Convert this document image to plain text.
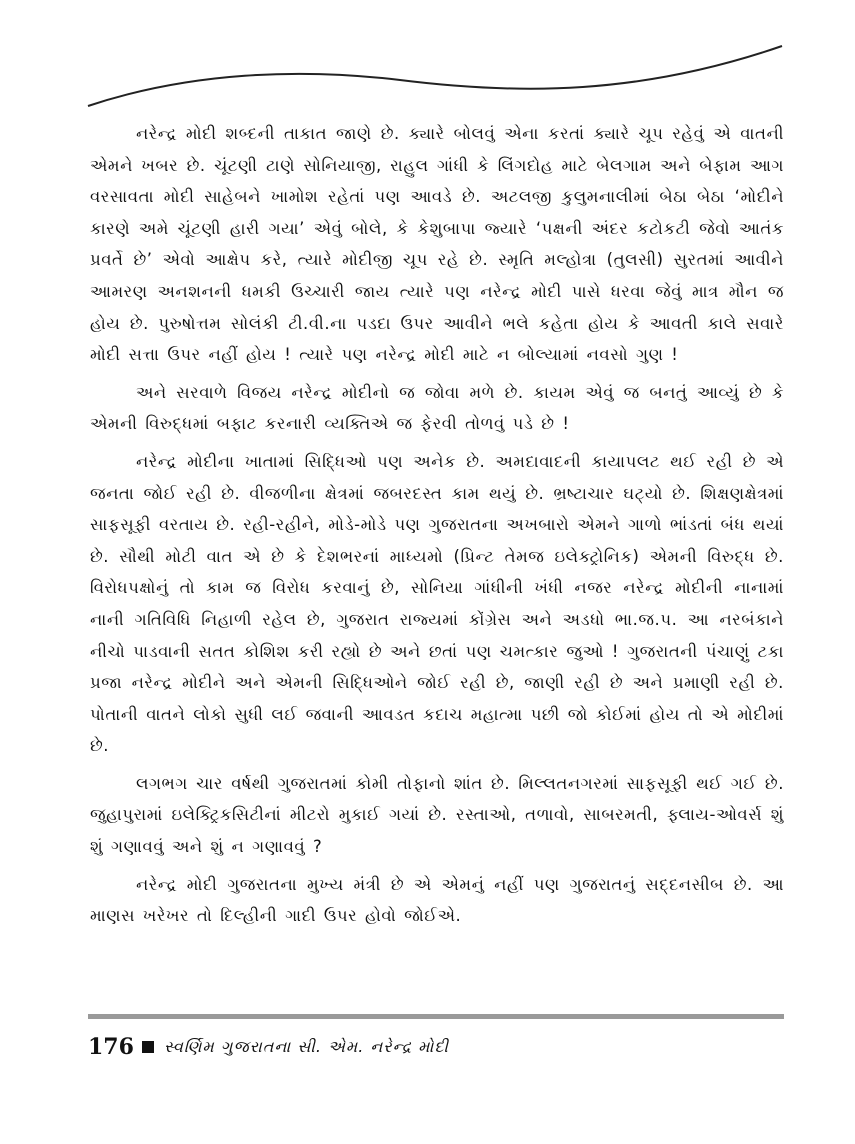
નરેન્દ્ર મોદી શબ્દની તાકાત જાણે છે. ક્યારે બોલવું એના કરતાં ક્યારે ચૂપ રહેવું એ વાતની એમને ખબર છે. ચૂંટણી ટાણે સોનિયાજી, રાહુલ ગાંધી કે લિંગદોહ માટે બેલગામ અને બેફામ આગ વરસાવતા મોદી સાહેબને ખામોશ રહેતાં પણ આવડે છે. અટલજી કુલુમનાલીમાં બેઠા બેઠા ‘મોદીને કારણે અમે ચૂંટણી હારી ગયા’ એવું બોલે, કે કેશુબાપા જ્યારે ‘પક્ષની અંદર કટોકટી જેવો આતંક પ્રવર્તે છે’ એવો આક્ષેપ કરે, ત્યારે મોદીજી ચૂપ રહે છે. સ્મૃતિ મલ્હોત્રા (તુલસી) સુરતમાં આવીને આમરણ અનશનની ધમકી ઉચ્ચારી જાય ત્યારે પણ નરેન્દ્ર મોદી પાસે ધરવા જેવું માત્ર મૌન જ હોય છે. પુરુષોત્તમ સોલંકી ટી.વી.ના પડદા ઉપર આવીને ભલે કહેતા હોય કે આવતી કાલે સવારે મોદી સત્તા ઉપર નહીં હોય ! ત્યારે પણ નરેન્દ્ર મોદી માટે ન બોલ્યામાં નવસો ગુણ !

અને સરવાળે વિજય નરેન્દ્ર મોદીનો જ જોવા મળે છે. કાયમ એવું જ બનતું આવ્યું છે કે એમની વિરુદ્ધમાં બફાટ કરનારી વ્યક્તિએ જ ફેરવી તોળવું પડે છે !

નરેન્દ્ર મોદીના ખાતામાં સિદ્ધિઓ પણ અનેક છે. અમદાવાદની કાયાપલટ થઈ રહી છે એ જનતા જોઈ રહી છે. વીજળીના ક્ષેત્રમાં જબરદસ્ત કામ થયું છે. ભ્રષ્ટાચાર ઘટ્યો છે. શિક્ષણક્ષેત્રમાં સાફસૂફી વરતાય છે. રહી-રહીને, મોડે-મોડે પણ ગુજરાતના અખબારો એમને ગાળો ભાંડતાં બંધ થયાં છે. સૌથી મોટી વાત એ છે કે દેશભરનાં માધ્યમો (પ્રિન્ટ તેમજ ઇલેક્ટ્રોનિક) એમની વિરુદ્ધ છે. વિરોધપક્ષોનું તો કામ જ વિરોધ કરવાનું છે, સોનિયા ગાંધીની ખંધી નજર નરેન્દ્ર મોદીની નાનામાં નાની ગતિવિધિ નિહાળી રહેલ છે, ગુજરાત રાજ્યમાં કોંગ્રેસ અને અડધો ભા.જ.પ. આ નરબંકાને નીચો પાડવાની સતત કોશિશ કરી રહ્યો છે અને છતાં પણ ચમત્કાર જુઓ ! ગુજરાતની પંચાણું ટકા પ્રજા નરેન્દ્ર મોદીને અને એમની સિદ્ધિઓને જોઈ રહી છે, જાણી રહી છે અને પ્રમાણી રહી છે. પોતાની વાતને લોકો સુધી લઈ જવાની આવડત કદાચ મહાત્મા પછી જો કોઈમાં હોય તો એ મોદીમાં છે.

લગભગ ચાર વર્ષથી ગુજરાતમાં કોમી તોફાનો શાંત છે. મિલ્લતનગરમાં સાફસૂફી થઈ ગઈ છે. જુહાપુરામાં ઇલેક્ટ્રિકસિટીનાં મીટરો મુકાઈ ગયાં છે. રસ્તાઓ, તળાવો, સાબરમતી, ફ્લાય-ઓવર્સ શું શું ગણાવવું અને શું ન ગણાવવું ?

નરેન્દ્ર મોદી ગુજરાતના મુખ્ય મંત્રી છે એ એમનું નહીં પણ ગુજરાતનું સદ્દનસીબ છે. આ માણસ ખરેખર તો દિલ્હીની ગાદી ઉપર હોવો જોઈએ.

176 સ્વર્ણિમ ગુજરાતના સી. એમ. નરેન્દ્ર મોદી
